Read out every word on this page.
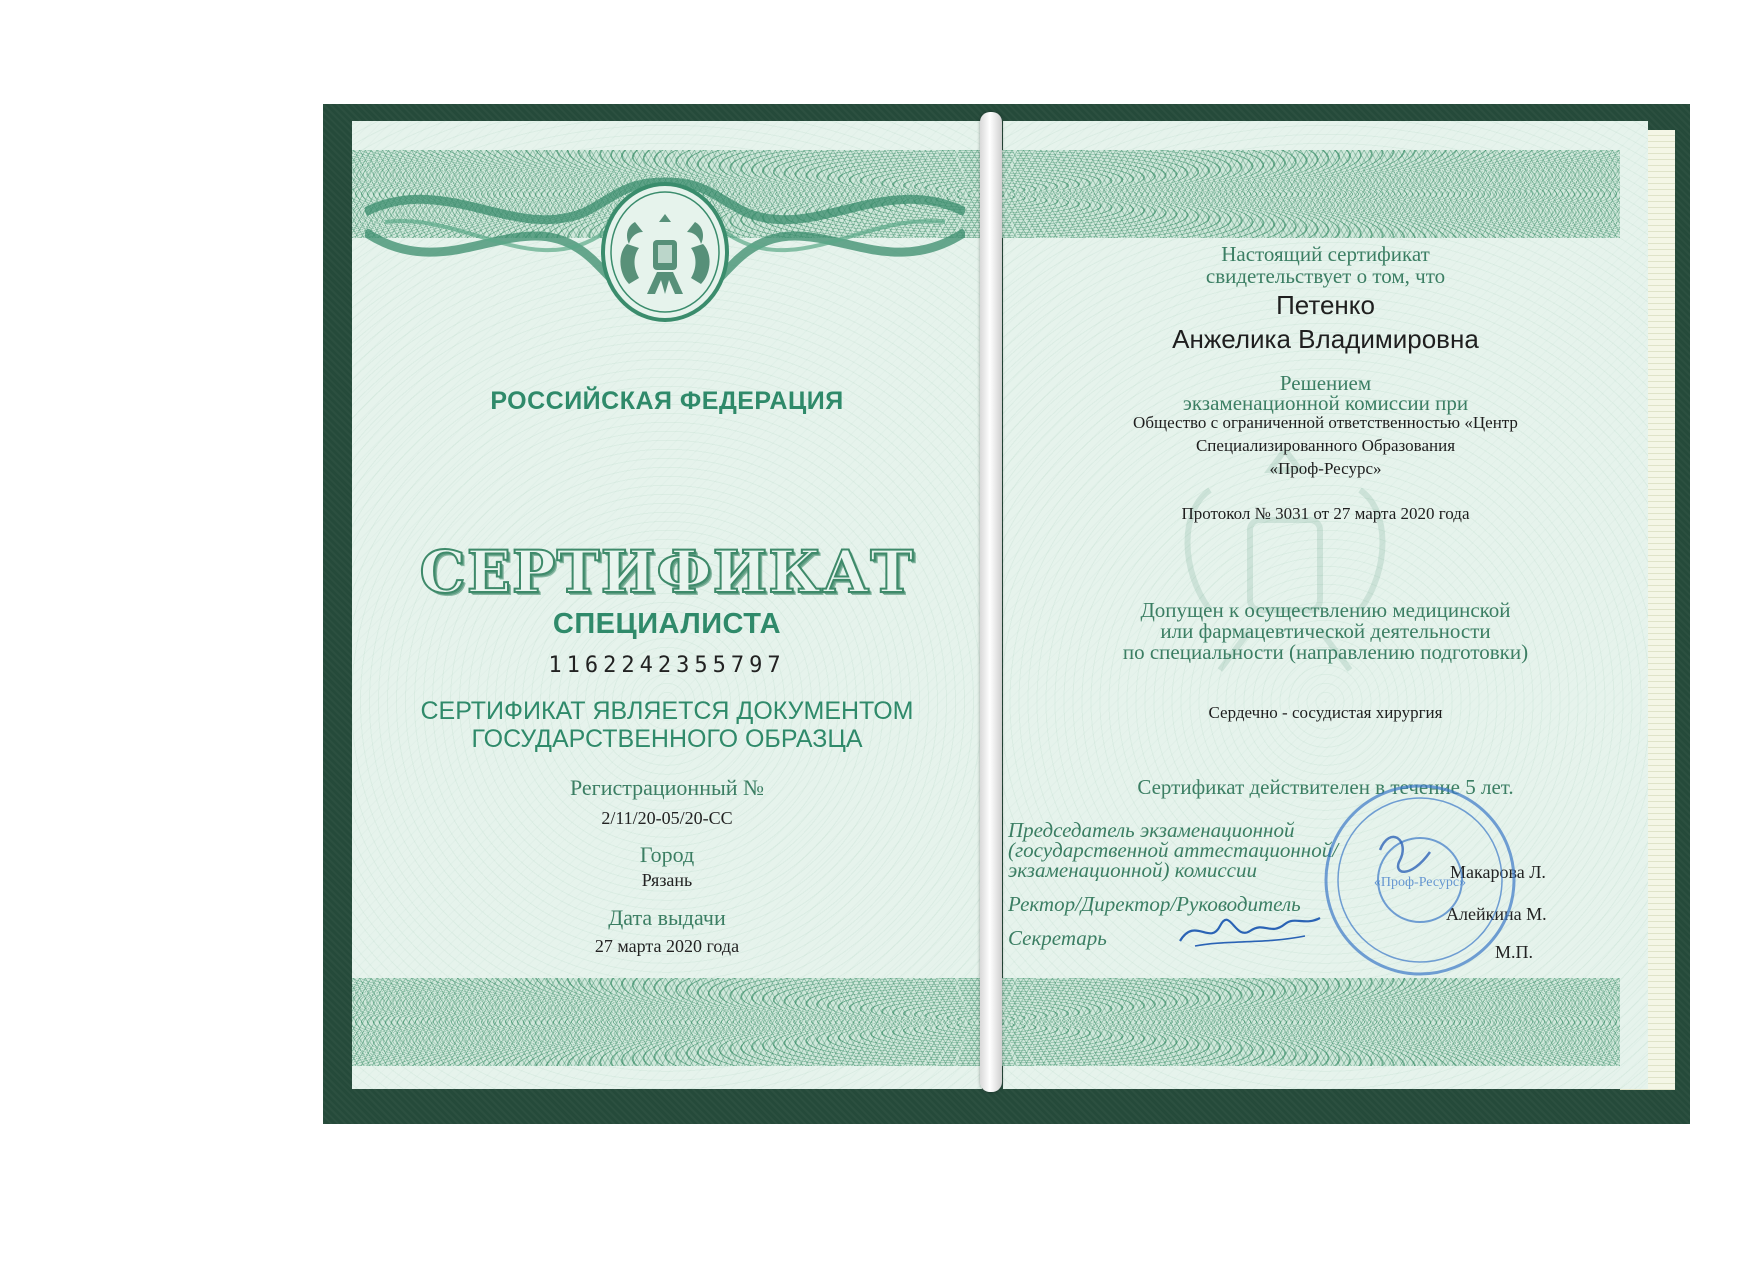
РОССИЙСКАЯ ФЕДЕРАЦИЯ
СЕРТИФИКАТ
СПЕЦИАЛИСТА
1162242355797
СЕРТИФИКАТ ЯВЛЯЕТСЯ ДОКУМЕНТОМ
ГОСУДАРСТВЕННОГО ОБРАЗЦА
Регистрационный №
2/11/20-05/20-СС
Город
Рязань
Дата выдачи
27 марта 2020 года
Настоящий сертификат
свидетельствует о том, что
Петенко
Анжелика Владимировна
Решением
экзаменационной комиссии при
Общество с ограниченной ответственностью «Центр
Специализированного Образования
«Проф-Ресурс»
Протокол № 3031 от 27 марта 2020 года
Допущен к осуществлению медицинской
или фармацевтической деятельности
по специальности (направлению подготовки)
Сердечно - сосудистая хирургия
Сертификат действителен в течение 5 лет.
Председатель экзаменационной
(государственной аттестационной/
экзаменационной) комиссии	Макарова Л.
Ректор/Директор/Руководитель	Алейкина М.
Секретарь
М.П.
«Проф-Ресурс»
